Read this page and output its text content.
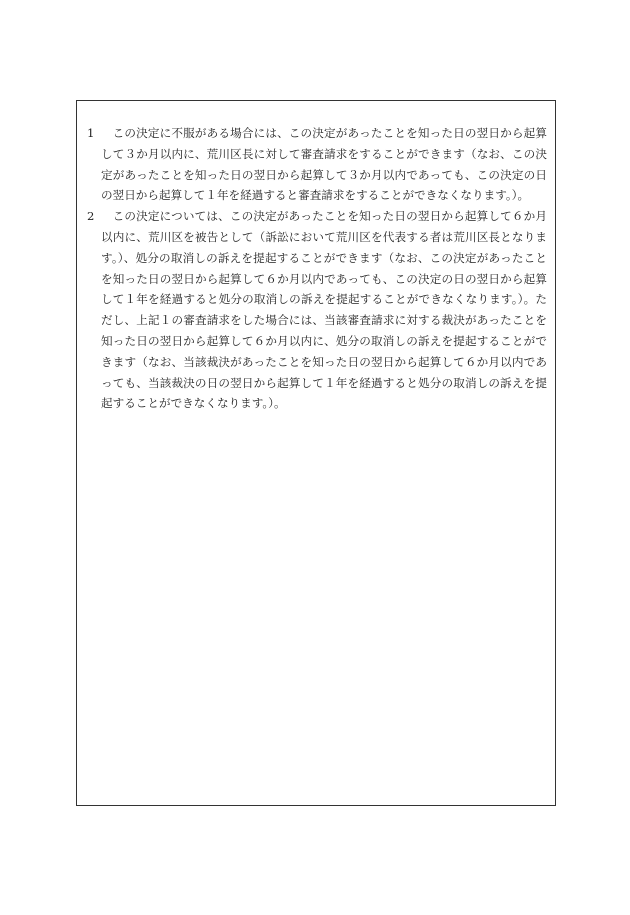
1	この決定に不服がある場合には、この決定があったことを知った日の翌日から起算して３か月以内に、荒川区長に対して審査請求をすることができます（なお、この決定があったことを知った日の翌日から起算して３か月以内であっても、この決定の日の翌日から起算して１年を経過すると審査請求をすることができなくなります。）。
2	この決定については、この決定があったことを知った日の翌日から起算して６か月以内に、荒川区を被告として（訴訟において荒川区を代表する者は荒川区長となります。）、処分の取消しの訴えを提起することができます（なお、この決定があったことを知った日の翌日から起算して６か月以内であっても、この決定の日の翌日から起算して１年を経過すると処分の取消しの訴えを提起することができなくなります。）。ただし、上記１の審査請求をした場合には、当該審査請求に対する裁決があったことを知った日の翌日から起算して６か月以内に、処分の取消しの訴えを提起することができます（なお、当該裁決があったことを知った日の翌日から起算して６か月以内であっても、当該裁決の日の翌日から起算して１年を経過すると処分の取消しの訴えを提起することができなくなります。）。
